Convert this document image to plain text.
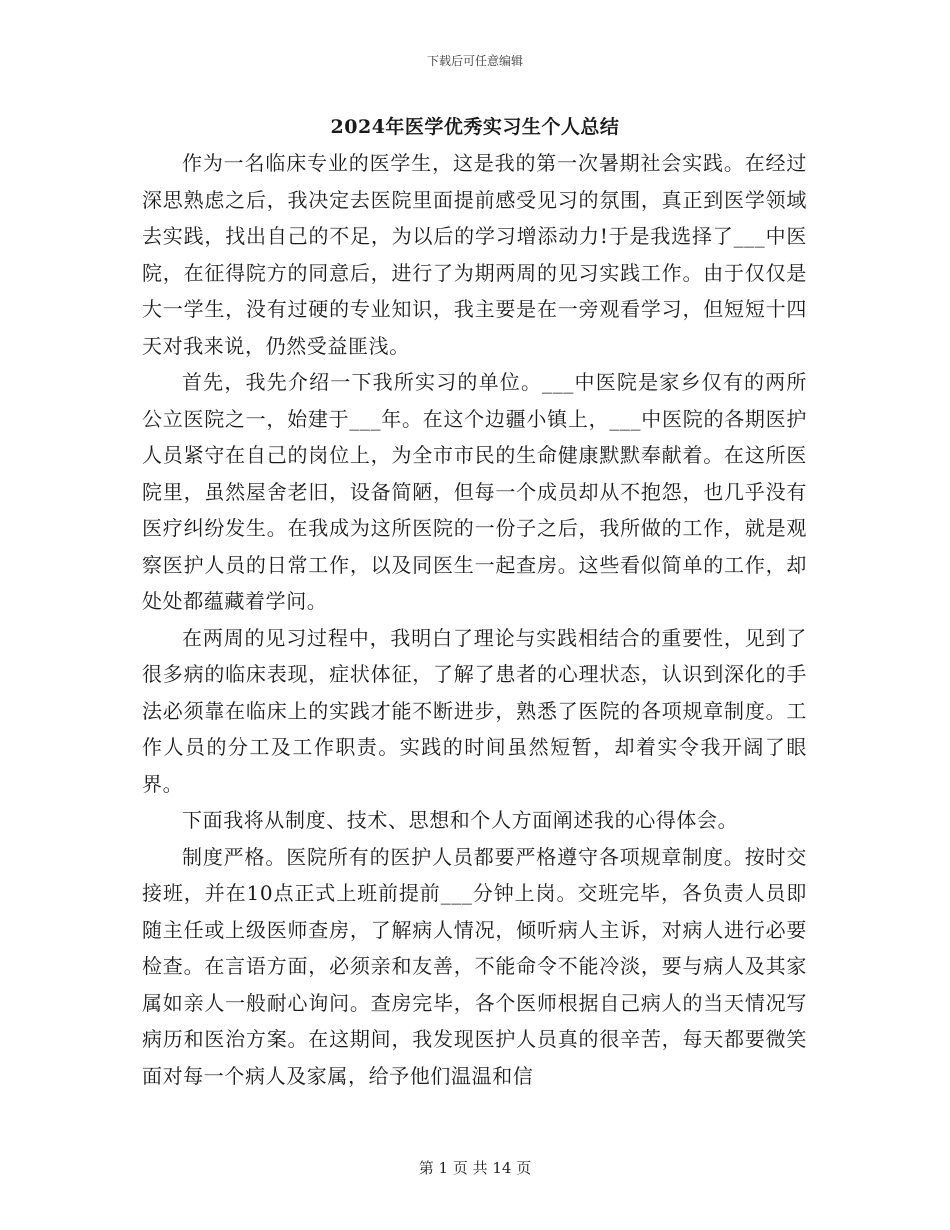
下载后可任意编辑
2024年医学优秀实习生个人总结

作为一名临床专业的医学生，这是我的第一次暑期社会实践。在经过深思熟虑之后，我决定去医院里面提前感受见习的氛围，真正到医学领域去实践，找出自己的不足，为以后的学习增添动力!于是我选择了___中医院，在征得院方的同意后，进行了为期两周的见习实践工作。由于仅仅是大一学生，没有过硬的专业知识，我主要是在一旁观看学习，但短短十四天对我来说，仍然受益匪浅。

首先，我先介绍一下我所实习的单位。___中医院是家乡仅有的两所公立医院之一，始建于___年。在这个边疆小镇上，___中医院的各期医护人员紧守在自己的岗位上，为全市市民的生命健康默默奉献着。在这所医院里，虽然屋舍老旧，设备简陋，但每一个成员却从不抱怨，也几乎没有医疗纠纷发生。在我成为这所医院的一份子之后，我所做的工作，就是观察医护人员的日常工作，以及同医生一起查房。这些看似简单的工作，却处处都蕴藏着学问。

在两周的见习过程中，我明白了理论与实践相结合的重要性，见到了很多病的临床表现，症状体征，了解了患者的心理状态，认识到深化的手法必须靠在临床上的实践才能不断进步，熟悉了医院的各项规章制度。工作人员的分工及工作职责。实践的时间虽然短暂，却着实令我开阔了眼界。

下面我将从制度、技术、思想和个人方面阐述我的心得体会。

制度严格。医院所有的医护人员都要严格遵守各项规章制度。按时交接班，并在10点正式上班前提前___分钟上岗。交班完毕，各负责人员即随主任或上级医师查房，了解病人情况，倾听病人主诉，对病人进行必要检查。在言语方面，必须亲和友善，不能命令不能冷淡，要与病人及其家属如亲人一般耐心询问。查房完毕，各个医师根据自己病人的当天情况写病历和医治方案。在这期间，我发现医护人员真的很辛苦，每天都要微笑面对每一个病人及家属，给予他们温温和信

第 1 页 共 14 页
